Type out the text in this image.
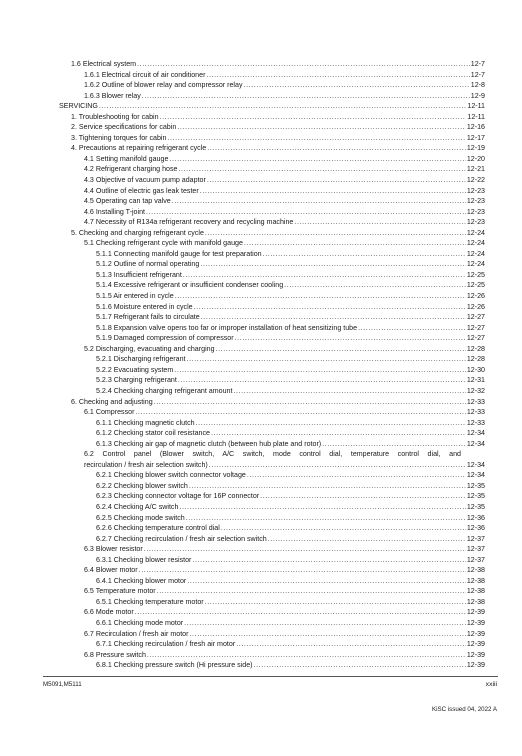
1.6 Electrical system .....	12-7
1.6.1 Electrical circuit of air conditioner .....	12-7
1.6.2 Outline of blower relay and compressor relay .....	12-8
1.6.3 Blower relay .....	12-9
SERVICING .....	12-11
1. Troubleshooting for cabin .....	12-11
2. Service specifications for cabin .....	12-16
3. Tightening torques for cabin .....	12-17
4. Precautions at repairing refrigerant cycle .....	12-19
4.1 Setting manifold gauge .....	12-20
4.2 Refrigerant charging hose .....	12-21
4.3 Objective of vacuum pump adaptor .....	12-22
4.4 Outline of electric gas leak tester .....	12-23
4.5 Operating can tap valve .....	12-23
4.6 Installing T-joint .....	12-23
4.7 Necessity of R134a refrigerant recovery and recycling machine .....	12-23
5. Checking and charging refrigerant cycle .....	12-24
5.1 Checking refrigerant cycle with manifold gauge .....	12-24
5.1.1 Connecting manifold gauge for test preparation .....	12-24
5.1.2 Outline of normal operating .....	12-24
5.1.3 Insufficient refrigerant .....	12-25
5.1.4 Excessive refrigerant or insufficient condenser cooling .....	12-25
5.1.5 Air entered in cycle .....	12-26
5.1.6 Moisture entered in cycle .....	12-26
5.1.7 Refrigerant fails to circulate .....	12-27
5.1.8 Expansion valve opens too far or improper installation of heat sensitizing tube .....	12-27
5.1.9 Damaged compression of compressor .....	12-27
5.2 Discharging, evacuating and charging .....	12-28
5.2.1 Discharging refrigerant .....	12-28
5.2.2 Evacuating system .....	12-30
5.2.3 Charging refrigerant .....	12-31
5.2.4 Checking charging refrigerant amount .....	12-32
6. Checking and adjusting .....	12-33
6.1 Compressor .....	12-33
6.1.1 Checking magnetic clutch .....	12-33
6.1.2 Checking stator coil resistance .....	12-34
6.1.3 Checking air gap of magnetic clutch (between hub plate and rotor) .....	12-34
6.2 Control panel (Blower switch, A/C switch, mode control dial, temperature control dial, and
recirculation / fresh air selection switch) .....	12-34
6.2.1 Checking blower switch connector voltage .....	12-34
6.2.2 Checking blower switch .....	12-35
6.2.3 Checking connector voltage for 16P connector .....	12-35
6.2.4 Checking A/C switch .....	12-35
6.2.5 Checking mode switch .....	12-36
6.2.6 Checking temperature control dial .....	12-36
6.2.7 Checking recirculation / fresh air selection switch .....	12-37
6.3 Blower resistor .....	12-37
6.3.1 Checking blower resistor .....	12-37
6.4 Blower motor .....	12-38
6.4.1 Checking blower motor .....	12-38
6.5 Temperature motor .....	12-38
6.5.1 Checking temperature motor .....	12-38
6.6 Mode motor .....	12-39
6.6.1 Checking mode motor .....	12-39
6.7 Recirculation / fresh air motor .....	12-39
6.7.1 Checking recirculation / fresh air motor .....	12-39
6.8 Pressure switch .....	12-39
6.8.1 Checking pressure switch (Hi pressure side) .....	12-39
M5091,M5111	xxiii
KiSC issued 04, 2022 A
